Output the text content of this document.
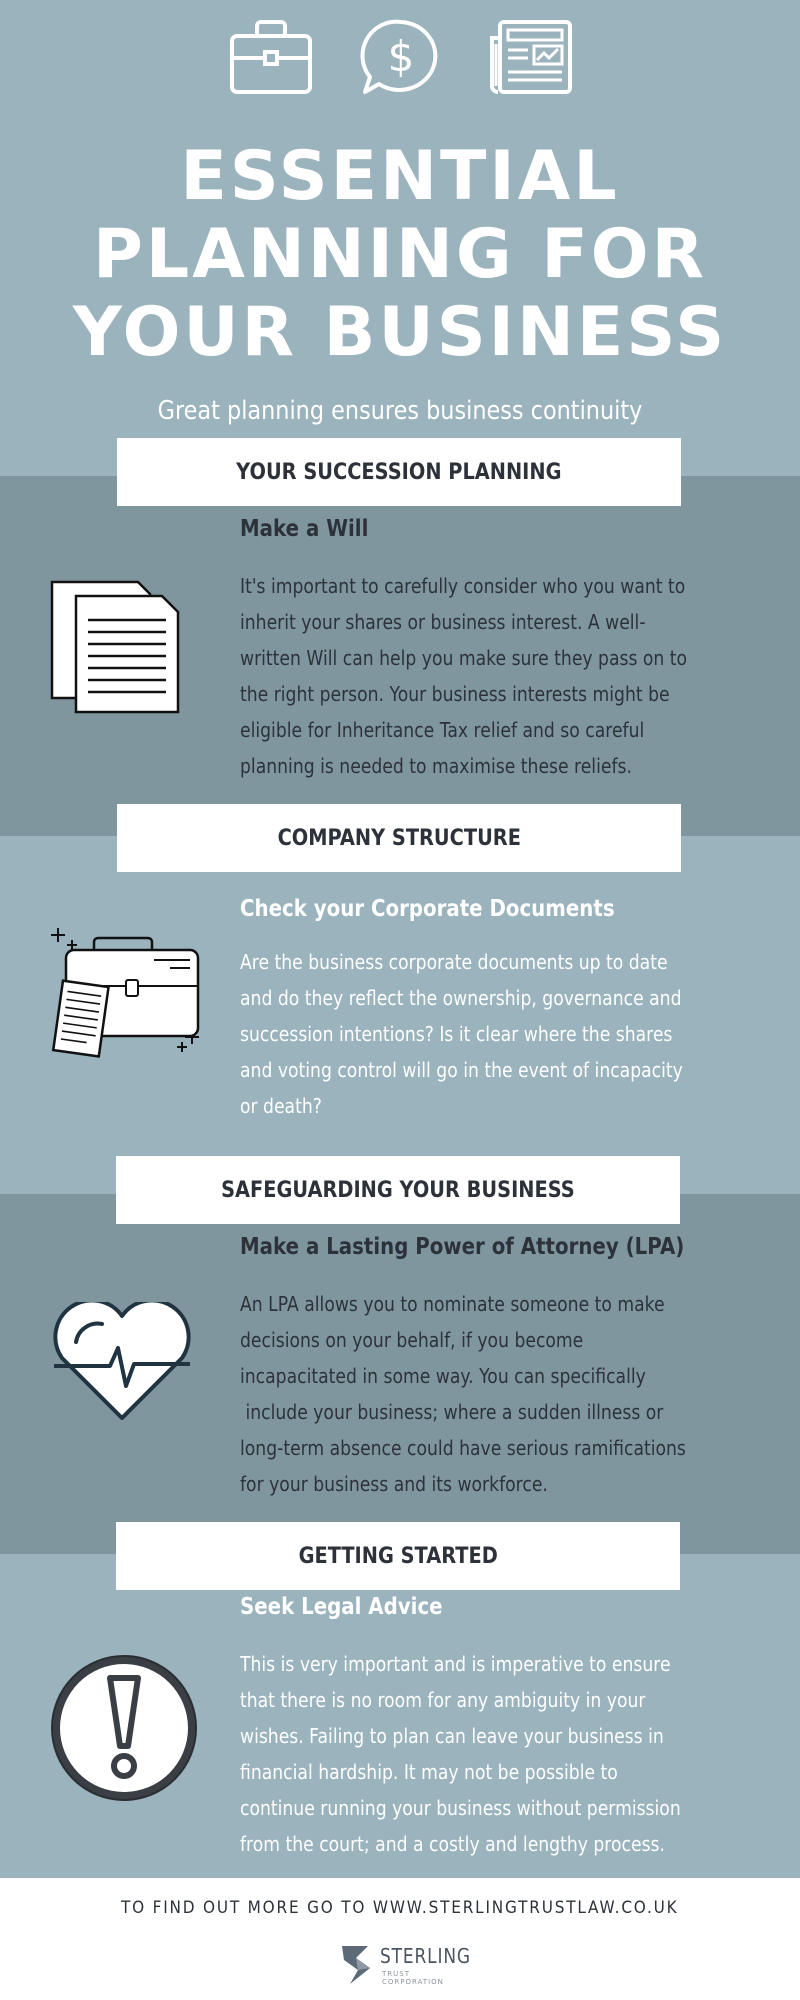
$
ESSENTIAL
PLANNING FOR
YOUR BUSINESS
Great planning ensures business continuity
YOUR SUCCESSION PLANNING
Make a Will
It's important to carefully consider who you want to
inherit your shares or business interest. A well-
written Will can help you make sure they pass on to
the right person. Your business interests might be
eligible for Inheritance Tax relief and so careful
planning is needed to maximise these reliefs.
COMPANY STRUCTURE
Check your Corporate Documents
Are the business corporate documents up to date
and do they reflect the ownership, governance and
succession intentions? Is it clear where the shares
and voting control will go in the event of incapacity
or death?
SAFEGUARDING YOUR BUSINESS
Make a Lasting Power of Attorney (LPA)
An LPA allows you to nominate someone to make
decisions on your behalf, if you become
incapacitated in some way. You can specifically
include your business; where a sudden illness or
long-term absence could have serious ramifications
for your business and its workforce.
GETTING STARTED
Seek Legal Advice
This is very important and is imperative to ensure
that there is no room for any ambiguity in your
wishes. Failing to plan can leave your business in
financial hardship. It may not be possible to
continue running your business without permission
from the court; and a costly and lengthy process.
TO FIND OUT MORE GO TO WWW.STERLINGTRUSTLAW.CO.UK
STERLING
TRUST CORPORATION
